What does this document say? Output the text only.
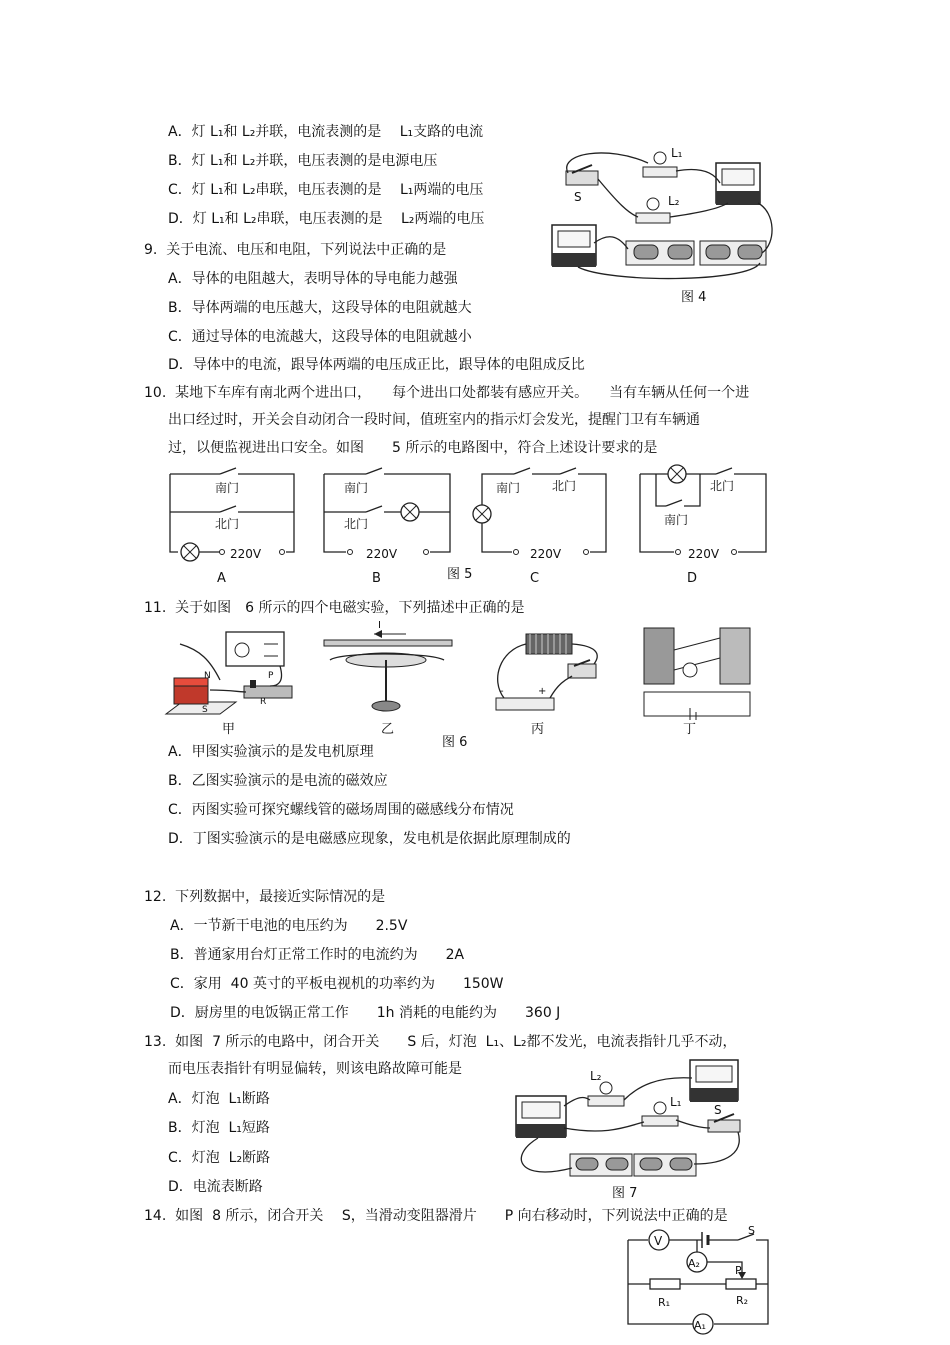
A．灯 L₁和 L₂并联，电流表测的是　 L₁支路的电流
B．灯 L₁和 L₂并联，电压表测的是电源电压
C．灯 L₁和 L₂串联，电压表测的是　 L₁两端的电压
D．灯 L₁和 L₂串联，电压表测的是　 L₂两端的电压
S
L₁
L₂
图 4
9.  关于电流、电压和电阻，下列说法中正确的是
A．导体的电阻越大，表明导体的导电能力越强
B．导体两端的电压越大，这段导体的电阻就越大
C．通过导体的电流越大，这段导体的电阻就越小
D．导体中的电流，跟导体两端的电压成正比，跟导体的电阻成反比
10.  某地下车库有南北两个进出口，　　每个进出口处都装有感应开关。　　当有车辆从任何一个进
出口经过时，开关会自动闭合一段时间，值班室内的指示灯会发光，提醒门卫有车辆通
过，以便监视进出口安全。如图　　5 所示的电路图中，符合上述设计要求的是
南门
北门
220V
南门
北门
220V
南门	北门
220V
北门
南门
220V
A	B	图 5	C	D
11.  关于如图　6 所示的四个电磁实验，下列描述中正确的是
N
S
P
R
I
-	+
甲	乙	丙	丁
图 6
A．甲图实验演示的是发电机原理
B．乙图实验演示的是电流的磁效应
C．丙图实验可探究螺线管的磁场周围的磁感线分布情况
D．丁图实验演示的是电磁感应现象，发电机是依据此原理制成的
12.  下列数据中，最接近实际情况的是
A．一节新干电池的电压约为　　2.5V
B．普通家用台灯正常工作时的电流约为　　2A
C．家用  40 英寸的平板电视机的功率约为　　150W
D．厨房里的电饭锅正常工作　　1h 消耗的电能约为　　360 J
13.  如图  7 所示的电路中，闭合开关　　S 后，灯泡  L₁、L₂都不发光，电流表指针几乎不动，
而电压表指针有明显偏转，则该电路故障可能是
A．灯泡  L₁断路
B．灯泡  L₁短路
C．灯泡  L₂断路
D．电流表断路
L₂
L₁
S
图 7
14.  如图  8 所示，闭合开关　 S，当滑动变阻器滑片　　P 向右移动时，下列说法中正确的是
V
S
A₁
R₁	R₂
P
A₂
